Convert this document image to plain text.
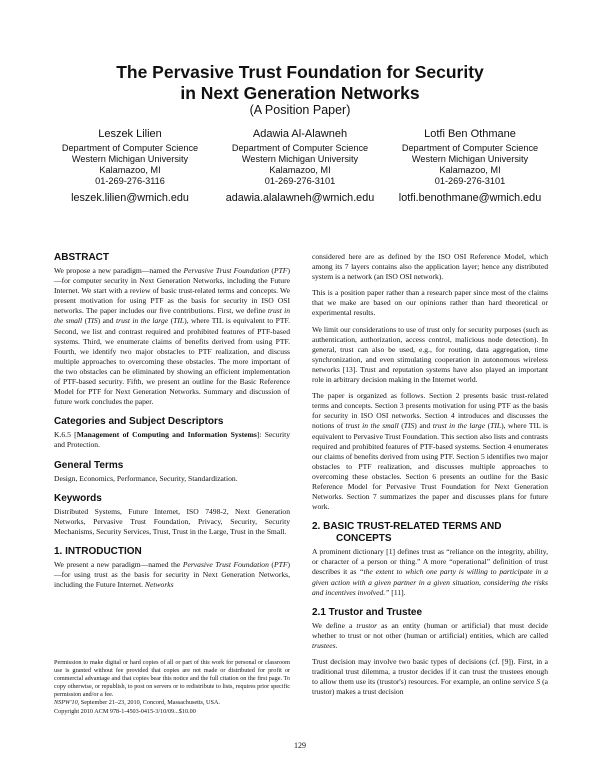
The Pervasive Trust Foundation for Security
in Next Generation Networks
(A Position Paper)
Leszek Lilien
Department of Computer Science
Western Michigan University
Kalamazoo, MI
01-269-276-3116
leszek.lilien@wmich.edu
Adawia Al-Alawneh
Department of Computer Science
Western Michigan University
Kalamazoo, MI
01-269-276-3101
adawia.alalawneh@wmich.edu
Lotfi Ben Othmane
Department of Computer Science
Western Michigan University
Kalamazoo, MI
01-269-276-3101
lotfi.benothmane@wmich.edu
ABSTRACT

We propose a new paradigm—named the Pervasive Trust Foundation (PTF)—for computer security in Next Generation Networks, including the Future Internet. We start with a review of basic trust-related terms and concepts. We present motivation for using PTF as the basis for security in ISO OSI networks. The paper includes our five contributions. First, we define trust in the small (TIS) and trust in the large (TIL), where TIL is equivalent to PTF. Second, we list and contrast required and prohibited features of PTF-based systems. Third, we enumerate claims of benefits derived from using PTF. Fourth, we identify two major obstacles to PTF realization, and discuss multiple approaches to overcoming these obstacles. The more important of the two obstacles can be eliminated by showing an efficient implementation of PTF-based security. Fifth, we present an outline for the Basic Reference Model for PTF for Next Generation Networks. Summary and discussion of future work concludes the paper.

Categories and Subject Descriptors

K.6.5 [Management of Computing and Information Systems]: Security and Protection.

General Terms

Design, Economics, Performance, Security, Standardization.

Keywords

Distributed Systems, Future Internet, ISO 7498-2, Next Generation Networks, Pervasive Trust Foundation, Privacy, Security, Security Mechanisms, Security Services, Trust, Trust in the Large, Trust in the Small.

1. INTRODUCTION

We present a new paradigm—named the Pervasive Trust Foundation (PTF)—for using trust as the basis for security in Next Generation Networks, including the Future Internet. Networks

Permission to make digital or hard copies of all or part of this work for personal or classroom use is granted without fee provided that copies are not made or distributed for profit or commercial advantage and that copies bear this notice and the full citation on the first page. To copy otherwise, or republish, to post on servers or to redistribute to lists, requires prior specific permission and/or a fee.
NSPW'10, September 21–23, 2010, Concord, Massachusetts, USA.
Copyright 2010 ACM 978-1-4503-0415-3/10/09...$10.00

considered here are as defined by the ISO OSI Reference Model, which among its 7 layers contains also the application layer; hence any distributed system is a network (an ISO OSI network).

This is a position paper rather than a research paper since most of the claims that we make are based on our opinions rather than hard theoretical or experimental results.

We limit our considerations to use of trust only for security purposes (such as authentication, authorization, access control, malicious node detection). In general, trust can also be used, e.g., for routing, data aggregation, time synchronization, and even stimulating cooperation in autonomous wireless networks [13]. Trust and reputation systems have also played an important role in arbitrary decision making in the Internet world.

The paper is organized as follows. Section 2 presents basic trust-related terms and concepts. Section 3 presents motivation for using PTF as the basis for security in ISO OSI networks. Section 4 introduces and discusses the notions of trust in the small (TIS) and trust in the large (TIL), where TIL is equivalent to Pervasive Trust Foundation. This section also lists and contrasts required and prohibited features of PTF-based systems. Section 4 enumerates our claims of benefits derived from using PTF. Section 5 identifies two major obstacles to PTF realization, and discusses multiple approaches to overcoming these obstacles. Section 6 presents an outline for the Basic Reference Model for Pervasive Trust Foundation for Next Generation Networks. Section 7 summarizes the paper and discusses plans for future work.

2. BASIC TRUST-RELATED TERMS AND
CONCEPTS

A prominent dictionary [1] defines trust as “reliance on the integrity, ability, or character of a person or thing.” A more “operational” definition of trust describes it as “the extent to which one party is willing to participate in a given action with a given partner in a given situation, considering the risks and incentives involved.” [11].

2.1 Trustor and Trustee

We define a trustor as an entity (human or artificial) that must decide whether to trust or not other (human or artificial) entities, which are called trustees.

Trust decision may involve two basic types of decisions (cf. [9]). First, in a traditional trust dilemma, a trustor decides if it can trust the trustees enough to allow them use its (trustor's) resources. For example, an online service S (a trustor) makes a trust decision

129
